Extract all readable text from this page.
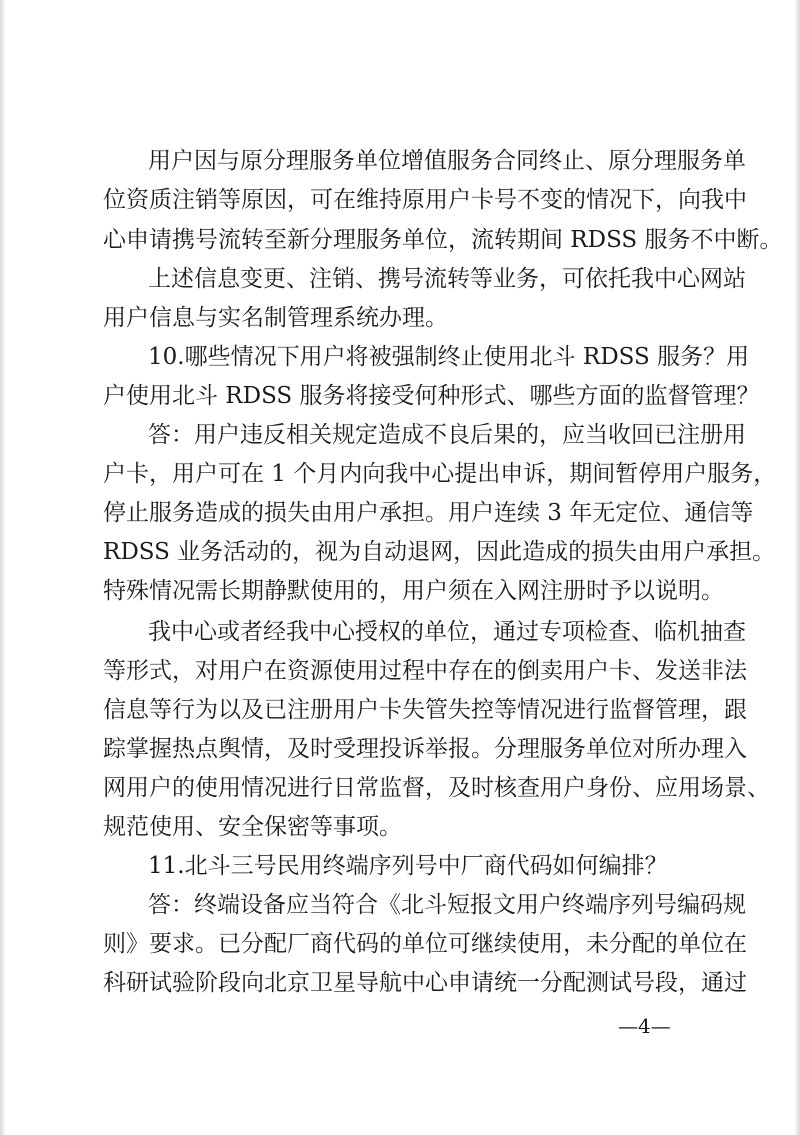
用户因与原分理服务单位增值服务合同终止、原分理服务单
位资质注销等原因，可在维持原用户卡号不变的情况下，向我中
心申请携号流转至新分理服务单位，流转期间 RDSS 服务不中断。
上述信息变更、注销、携号流转等业务，可依托我中心网站
用户信息与实名制管理系统办理。
10.哪些情况下用户将被强制终止使用北斗 RDSS 服务？用
户使用北斗 RDSS 服务将接受何种形式、哪些方面的监督管理？
答：用户违反相关规定造成不良后果的，应当收回已注册用
户卡，用户可在 1 个月内向我中心提出申诉，期间暂停用户服务，
停止服务造成的损失由用户承担。用户连续 3 年无定位、通信等
RDSS 业务活动的，视为自动退网，因此造成的损失由用户承担。
特殊情况需长期静默使用的，用户须在入网注册时予以说明。
我中心或者经我中心授权的单位，通过专项检查、临机抽查
等形式，对用户在资源使用过程中存在的倒卖用户卡、发送非法
信息等行为以及已注册用户卡失管失控等情况进行监督管理，跟
踪掌握热点舆情，及时受理投诉举报。分理服务单位对所办理入
网用户的使用情况进行日常监督，及时核查用户身份、应用场景、
规范使用、安全保密等事项。
11.北斗三号民用终端序列号中厂商代码如何编排？
答：终端设备应当符合《北斗短报文用户终端序列号编码规
则》要求。已分配厂商代码的单位可继续使用，未分配的单位在
科研试验阶段向北京卫星导航中心申请统一分配测试号段，通过
—4—
